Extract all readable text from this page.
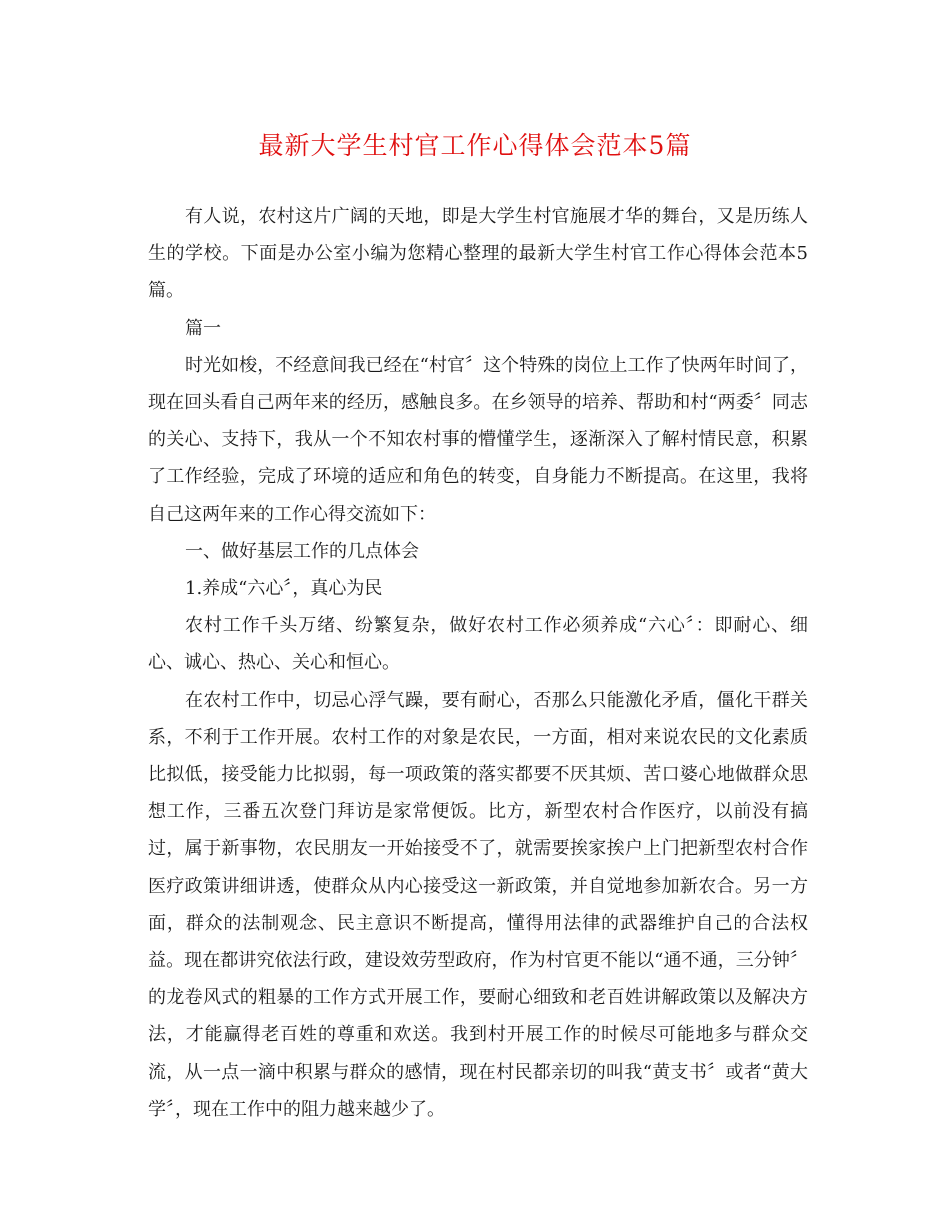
最新大学生村官工作心得体会范本5篇

有人说，农村这片广阔的天地，即是大学生村官施展才华的舞台，又是历练人生的学校。下面是办公室小编为您精心整理的最新大学生村官工作心得体会范本5篇。

篇一

时光如梭，不经意间我已经在“村官〞这个特殊的岗位上工作了快两年时间了，现在回头看自己两年来的经历，感触良多。在乡领导的培养、帮助和村“两委〞同志的关心、支持下，我从一个不知农村事的懵懂学生，逐渐深入了解村情民意，积累了工作经验，完成了环境的适应和角色的转变，自身能力不断提高。在这里，我将自己这两年来的工作心得交流如下：

一、做好基层工作的几点体会

1.养成“六心〞，真心为民

农村工作千头万绪、纷繁复杂，做好农村工作必须养成“六心〞：即耐心、细心、诚心、热心、关心和恒心。

在农村工作中，切忌心浮气躁，要有耐心，否那么只能激化矛盾，僵化干群关系，不利于工作开展。农村工作的对象是农民，一方面，相对来说农民的文化素质比拟低，接受能力比拟弱，每一项政策的落实都要不厌其烦、苦口婆心地做群众思想工作，三番五次登门拜访是家常便饭。比方，新型农村合作医疗，以前没有搞过，属于新事物，农民朋友一开始接受不了，就需要挨家挨户上门把新型农村合作医疗政策讲细讲透，使群众从内心接受这一新政策，并自觉地参加新农合。另一方面，群众的法制观念、民主意识不断提高，懂得用法律的武器维护自己的合法权益。现在都讲究依法行政，建设效劳型政府，作为村官更不能以“通不通，三分钟〞的龙卷风式的粗暴的工作方式开展工作，要耐心细致和老百姓讲解政策以及解决方法，才能赢得老百姓的尊重和欢送。我到村开展工作的时候尽可能地多与群众交流，从一点一滴中积累与群众的感情，现在村民都亲切的叫我“黄支书〞或者“黄大学〞，现在工作中的阻力越来越少了。
